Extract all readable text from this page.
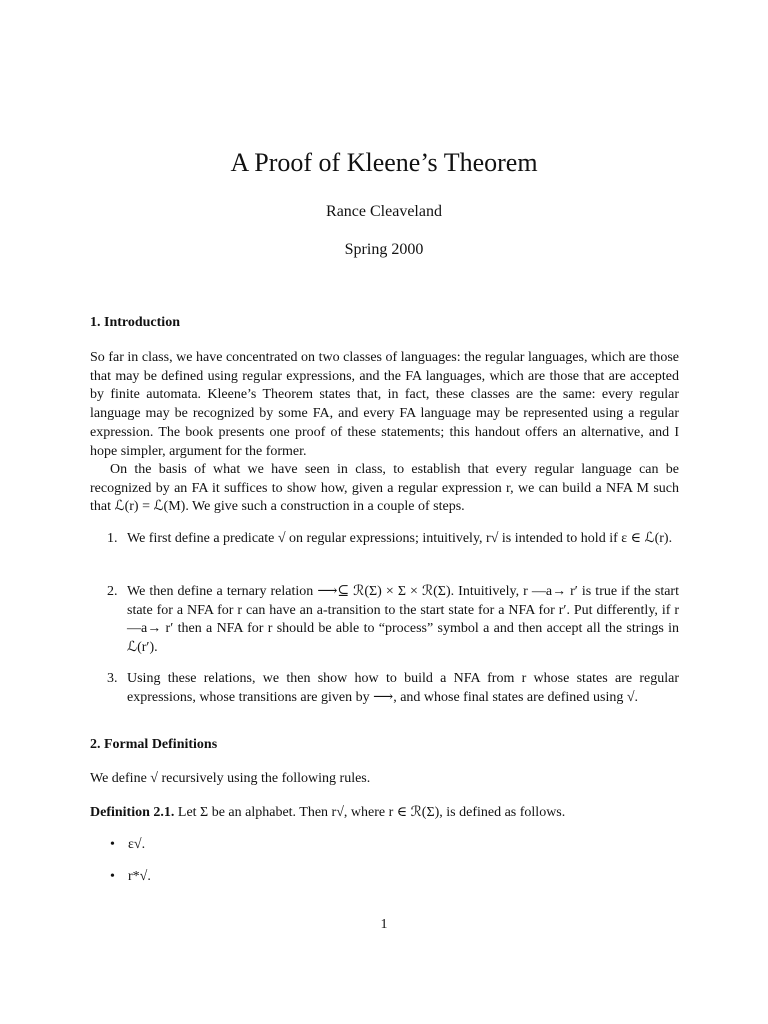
A Proof of Kleene’s Theorem
Rance Cleaveland
Spring 2000
1. Introduction

So far in class, we have concentrated on two classes of languages: the regular languages, which are those that may be defined using regular expressions, and the FA languages, which are those that are accepted by finite automata. Kleene’s Theorem states that, in fact, these classes are the same: every regular language may be recognized by some FA, and every FA language may be represented using a regular expression. The book presents one proof of these statements; this handout offers an alternative, and I hope simpler, argument for the former.

On the basis of what we have seen in class, to establish that every regular language can be recognized by an FA it suffices to show how, given a regular expression r, we can build a NFA M such that ℒ(r) = ℒ(M). We give such a construction in a couple of steps.

1. We first define a predicate √ on regular expressions; intuitively, r√ is intended to hold if ε ∈ ℒ(r).
2. We then define a ternary relation ⟶⊆ ℛ(Σ) × Σ × ℛ(Σ). Intuitively, r —a→ r′ is true if the start state for a NFA for r can have an a-transition to the start state for a NFA for r′. Put differently, if r —a→ r′ then a NFA for r should be able to “process” symbol a and then accept all the strings in ℒ(r′).
3. Using these relations, we then show how to build a NFA from r whose states are regular expressions, whose transitions are given by ⟶, and whose final states are defined using √.
2. Formal Definitions

We define √ recursively using the following rules.

Definition 2.1. Let Σ be an alphabet. Then r√, where r ∈ ℛ(Σ), is defined as follows.

• ε√.
• r*√.
1
